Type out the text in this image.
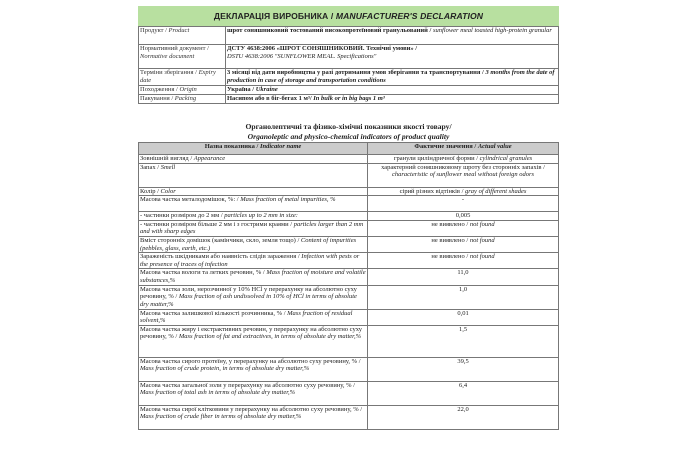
ДЕКЛАРАЦІЯ ВИРОБНИКА / MANUFACTURER'S DECLARATION
Продукт / Product	шрот соняшниковий тостований високопротеїновий гранульований / sunflower meal toasted high-protein granular
Нормативний документ / Normative document	ДСТУ 4638:2006 «ШРОТ СОНЯШНИКОВИЙ. Технічні умови» /
DSTU 4638:2006 "SUNFLOWER MEAL. Specifications"
Терміни зберігання / Expiry date	3 місяці від дати виробництва у разі дотримання умов зберігання та транспортування / 3 months from the date of production in case of storage and transportation conditions
Походження / Origin	Україна / Ukraine
Пакування / Packing	Насипом або в біг-бегах 1 м³/ In bulk or in big bags 1 m³
Органолептичні та фізико-хімічні показники якості товару/
Organoleptic and physico-chemical indicators of product quality
Назва показника / Indicator name	Фактичне значення / Actual value
Зовнішній вигляд / Appearance	гранули циліндричної форми / cylindrical granules
Запах / Smell	характерний соняшниковому шроту без сторонніх запахів / characteristic of sunflower meal without foreign odors
Колір / Color	сірий різних відтінків / gray of different shades
Масова частка металодомішок, %: / Mass fraction of metal impurities, %	-
- частинки розміром до 2 мм / particles up to 2 mm in size:	0,005
- частинки розміром більше 2 мм і з гострими краями / particles larger than 2 mm and with sharp edges	не виявлено / not found
Вміст сторонніх домішок (камінчики, скло, земля тощо) / Content of impurities (pebbles, glass, earth, etc.)	не виявлено / not found
Зараженість шкідниками або наявність слідів зараження / Infection with pests or the presence of traces of infection	не виявлено / not found
Масова частка вологи та летких речовин, % / Mass fraction of moisture and volatile substances,%	11,0
Масова частка золи, нерозчинної у 10% HCl у перерахунку на абсолютно суху речовину, % / Mass fraction of ash undissolved in 10% of HCl in terms of absolute dry matter,%	1,0
Масова частка залишкової кількості розчинника, % / Mass fraction of residual solvent,%	0,01
Масова частка жиру і екстрактивних речовин, у перерахунку на абсолютно суху речовину, % / Mass fraction of fat and extractives, in terms of absolute dry matter,%	1,5
Масова частка сирого протеїну, у перерахунку на абсолютно суху речовину, % / Mass fraction of crude protein, in terms of absolute dry matter,%	39,5
Масова частка загальної золи у перерахунку на абсолютно суху речовину, % / Mass fraction of total ash in terms of absolute dry matter,%	6,4
Масова частка сирої клітковини у перерахунку на абсолютно суху речовину, % / Mass fraction of crude fiber in terms of absolute dry matter,%	22,0
